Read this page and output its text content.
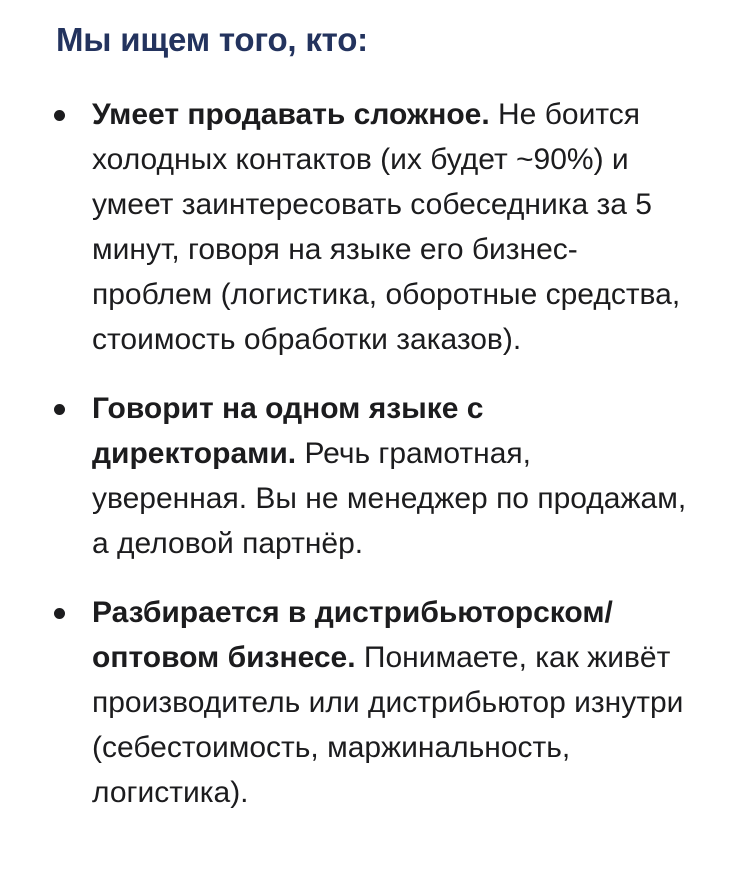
Мы ищем того, кто:
Умеет продавать сложное. Не боится холодных контактов (их будет ~90%) и умеет заинтересовать собеседника за 5 минут, говоря на языке его бизнес-проблем (логистика, оборотные средства, стоимость обработки заказов).
Говорит на одном языке с директорами. Речь грамотная, уверенная. Вы не менеджер по продажам, а деловой партнёр.
Разбирается в дистрибьюторском/ оптовом бизнесе. Понимаете, как живёт производитель или дистрибьютор изнутри (себестоимость, маржинальность, логистика).
